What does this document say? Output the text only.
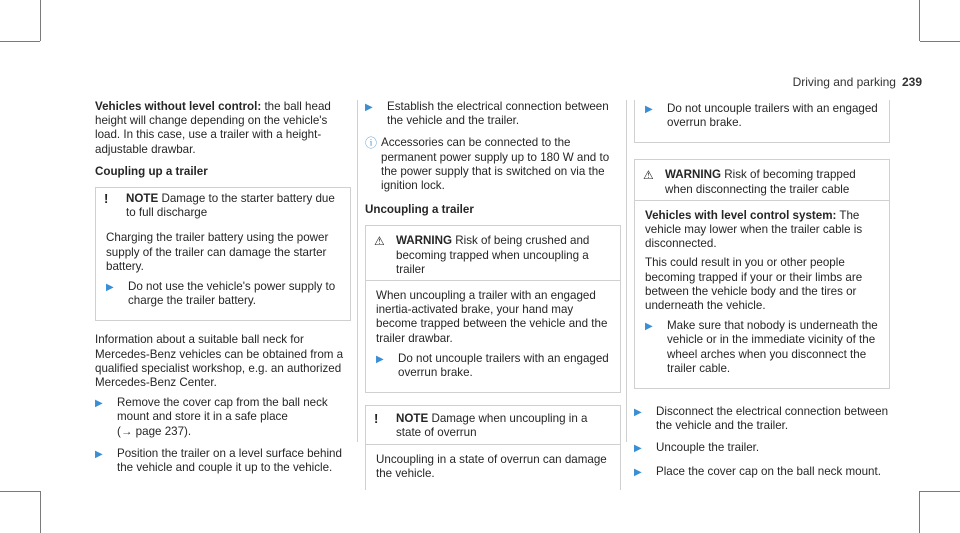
Driving and parking 239

Vehicles without level control: the ball head height will change depending on the vehicle's load. In this case, use a trailer with a height-adjustable drawbar.

Coupling up a trailer
!	NOTE Damage to the starter battery due to full discharge

Charging the trailer battery using the power supply of the trailer can damage the starter battery.

▶	Do not use the vehicle's power supply to charge the trailer battery.

Information about a suitable ball neck for Mercedes-Benz vehicles can be obtained from a qualified specialist workshop, e.g. an authorized Mercedes-Benz Center.

▶	Remove the cover cap from the ball neck mount and store it in a safe place
(→ page 237).
▶	Position the trailer on a level surface behind the vehicle and couple it up to the vehicle.
▶	Establish the electrical connection between the vehicle and the trailer.
ⓘ Accessories can be connected to the permanent power supply up to 180 W and to the power supply that is switched on via the ignition lock.
Uncoupling a trailer
⚠ WARNING Risk of being crushed and becoming trapped when uncoupling a trailer

When uncoupling a trailer with an engaged inertia-activated brake, your hand may become trapped between the vehicle and the trailer drawbar.

▶	Do not uncouple trailers with an engaged overrun brake.
!	NOTE Damage when uncoupling in a state of overrun

Uncoupling in a state of overrun can damage the vehicle.

▶	Do not uncouple trailers with an engaged overrun brake.
⚠ WARNING Risk of becoming trapped when disconnecting the trailer cable

Vehicles with level control system: The vehicle may lower when the trailer cable is disconnected.

This could result in you or other people becoming trapped if your or their limbs are between the vehicle body and the tires or underneath the vehicle.

▶	Make sure that nobody is underneath the vehicle or in the immediate vicinity of the wheel arches when you disconnect the trailer cable.
▶	Disconnect the electrical connection between the vehicle and the trailer.
▶	Uncouple the trailer.
▶	Place the cover cap on the ball neck mount.
